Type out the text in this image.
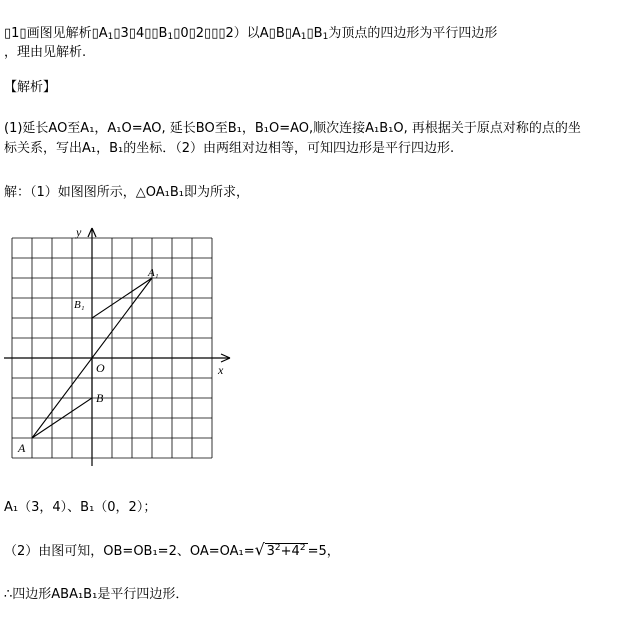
▯1▯画图见解析$▯A_1▯3▯4▯▯B_1▯0▯2▯▯▯2$）以$A▯B▯A_1▯B_1$为顶点的四边形为平行四边形
，理由见解析.
【解析】
(1)延长AO至A₁，A₁O=AO, 延长BO至B₁，B₁O=AO,顺次连接A₁B₁O, 再根据关于原点对称的点的坐
标关系，写出A₁，B₁的坐标．（2）由两组对边相等，可知四边形是平行四边形.
解：（1）如图图所示，△OA₁B₁即为所求，
x
y
O
A
B
A₁
B₁
A₁（3，4）、B₁（0，2）；
（2）由图可知，OB=OB₁=2、OA=OA₁=√ $3^2+4^2 =5$，
∴四边形ABA₁B₁是平行四边形．
